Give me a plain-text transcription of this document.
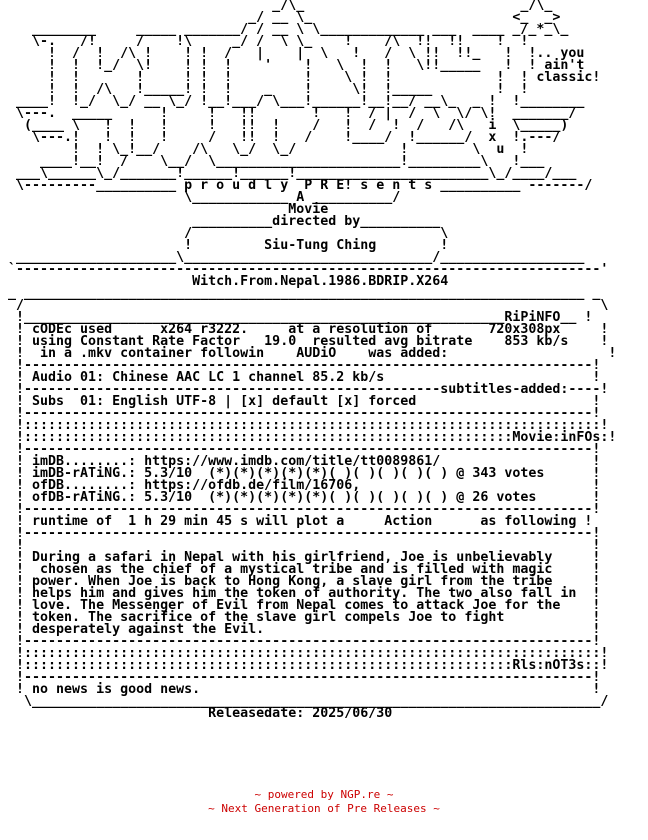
_/\_                           _/\_
_/ __ \_                         <_  _>
________     _____ _______/ / __ \ \_____________ ___  ____ _/_*_\_
\-.   /!     /    !\     _/ /  \ \_    !    /\  !!  !!    !  !
!  /  !  /\ !    ! !  /   |    |  \   !   /  \ !!  !!_   !  !.. you
!  !  !_/  \!    ! !  !    '    !   \  !  !   \!!_____   !  ! ain't
!  !       !     ! !  !         !    \ !  !             !  ! classic!
!  !  /\   !_____! !  !    _    !     \!  !_____        !  !
____!  !_/  \_/ __ \_/ !__!___/ \___!______!__!__/ __\_  _ !  !________
\---.  _____      !     !   !!       !   !  / |  /  \  \/ \!  _______/
(____ \   !  !   !     !   !!  !    /   !  /  !  /   /\   i  \_____)
\---.!   !  !   !     /   !!  !   /    !____/  !______/  x  !.---/
!  ! \_!__/    /\   \_/  \_/             !        \  u  !
____!__!  /    \__/  \_______________________!_________\   !___
___\______\_/_______!______!______!________________________\_/____/___
\---------__________ p r o u d l y  P R E! s e n t s __________ -------/
\____________ A __________/
Movie
__________directed by__________
/                               \
!         Siu-Tung Ching        !
____________________\_______________________________/__________________
`-------------------------------------------------------------------------'
Witch.From.Nepal.1986.BDRIP.X264
_ ______________________________________________________________________ _
/                                                                        \
!____________________________________________________________RiPiNFO__ !
! cODEc used      x264 r3222.     at a resolution of       720x308px     !
! using Constant Rate Factor   19.0  resulted avg bitrate    853 kb/s    !
!  in a .mkv container followin    AUDiO    was added:                    !
!-----------------------------------------------------------------------!
! Audio 01: Chinese AAC LC 1 channel 85.2 kb/s                          !
!----------------------------------------------------subtitles-added:----!
! Subs  01: English UTF-8 | [x] default [x] forced                      !
!-----------------------------------------------------------------------!
!::::::::::::::::::::::::::::::::::::::::::::::::::::::::::::::::::::::::!
!:::::::::::::::::::::::::::::::::::::::::::::::::::::::::::::Movie:inFOs:!
!-----------------------------------------------------------------------!
! imDB........: https://www.imdb.com/title/tt0089861/                   !
! imDB-rATiNG.: 5.3/10  (*)(*)(*)(*)(*)( )( )( )( )( ) @ 343 votes      !
! ofDB........: https://ofdb.de/film/16706,                             !
! ofDB-rATiNG.: 5.3/10  (*)(*)(*)(*)(*)( )( )( )( )( ) @ 26 votes       !
!-----------------------------------------------------------------------!
! runtime of  1 h 29 min 45 s will plot a     Action      as following !
!-----------------------------------------------------------------------!
!                                                                       !
! During a safari in Nepal with his girlfriend, Joe is unbelievably     !
!  chosen as the chief of a mystical tribe and is filled with magic     !
! power. When Joe is back to Hong Kong, a slave girl from the tribe     !
! helps him and gives him the token of authority. The two also fall in  !
! love. The Messenger of Evil from Nepal comes to attack Joe for the    !
! token. The sacrifice of the slave girl compels Joe to fight           !
! desperately against the Evil.                                         !
!-----------------------------------------------------------------------!
!::::::::::::::::::::::::::::::::::::::::::::::::::::::::::::::::::::::::!
!:::::::::::::::::::::::::::::::::::::::::::::::::::::::::::::Rls:nOT3s::!
!-----------------------------------------------------------------------!
! no news is good news.                                                 !
\_______________________________________________________________________/
Releasedate: 2025/06/30
~ powered by NGP.re ~
~ Next Generation of Pre Releases ~
